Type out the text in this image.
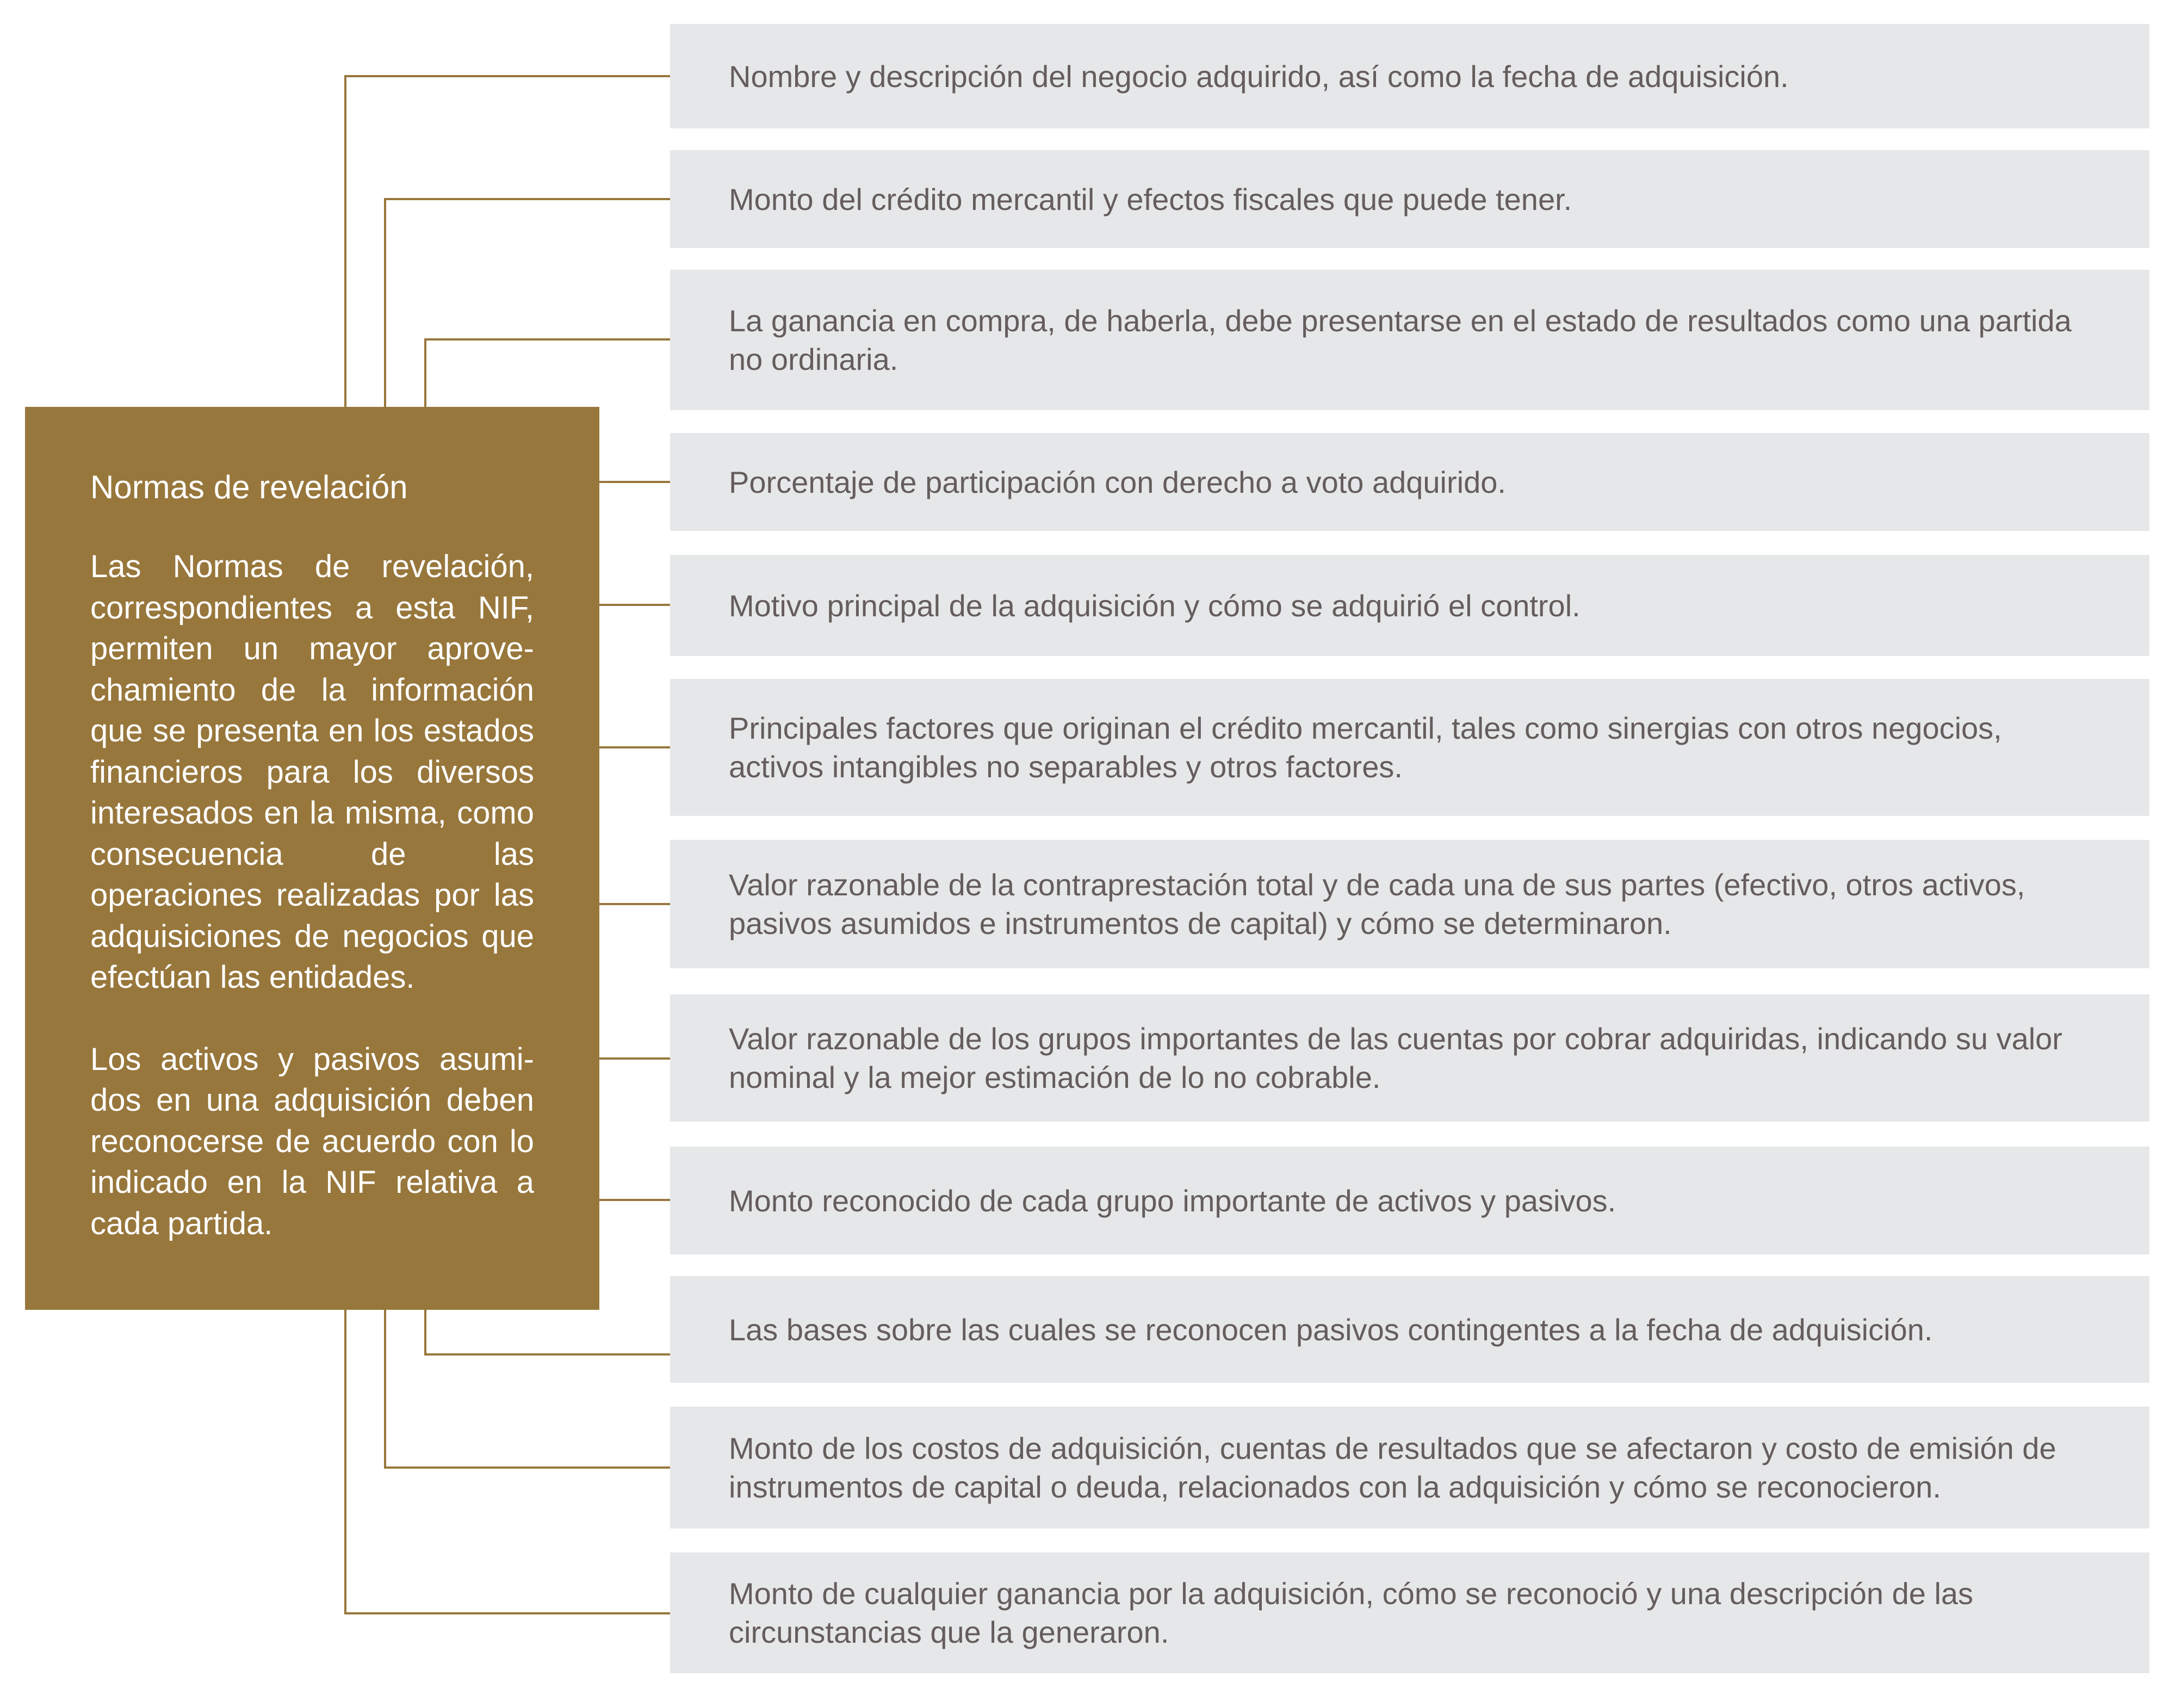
Normas de revelación
Las Normas de revelación, correspondientes a esta NIF, permiten un mayor aprove-chamiento de la información que se presenta en los estados financieros para los diversos interesados en la misma, como consecuencia de las operaciones realizadas por las adquisiciones de negocios que efectúan las entidades.
Los activos y pasivos asumi-dos en una adquisición deben reconocerse de acuerdo con lo indicado en la NIF relativa a cada partida.
Nombre y descripción del negocio adquirido, así como la fecha de adquisición.
Monto del crédito mercantil y efectos fiscales que puede tener.
La ganancia en compra, de haberla, debe presentarse en el estado de resultados como una partida no ordinaria.
Porcentaje de participación con derecho a voto adquirido.
Motivo principal de la adquisición y cómo se adquirió el control.
Principales factores que originan el crédito mercantil, tales como sinergias con otros negocios, activos intangibles no separables y otros factores.
Valor razonable de la contraprestación total y de cada una de sus partes (efectivo, otros activos, pasivos asumidos e instrumentos de capital) y cómo se determinaron.
Valor razonable de los grupos importantes de las cuentas por cobrar adquiridas, indicando su valor nominal y la mejor estimación de lo no cobrable.
Monto reconocido de cada grupo importante de activos y pasivos.
Las bases sobre las cuales se reconocen pasivos contingentes a la fecha de adquisición.
Monto de los costos de adquisición, cuentas de resultados que se afectaron y costo de emisión de instrumentos de capital o deuda, relacionados con la adquisición y cómo se reconocieron.
Monto de cualquier ganancia por la adquisición, cómo se reconoció y una descripción de las circunstancias que la generaron.
